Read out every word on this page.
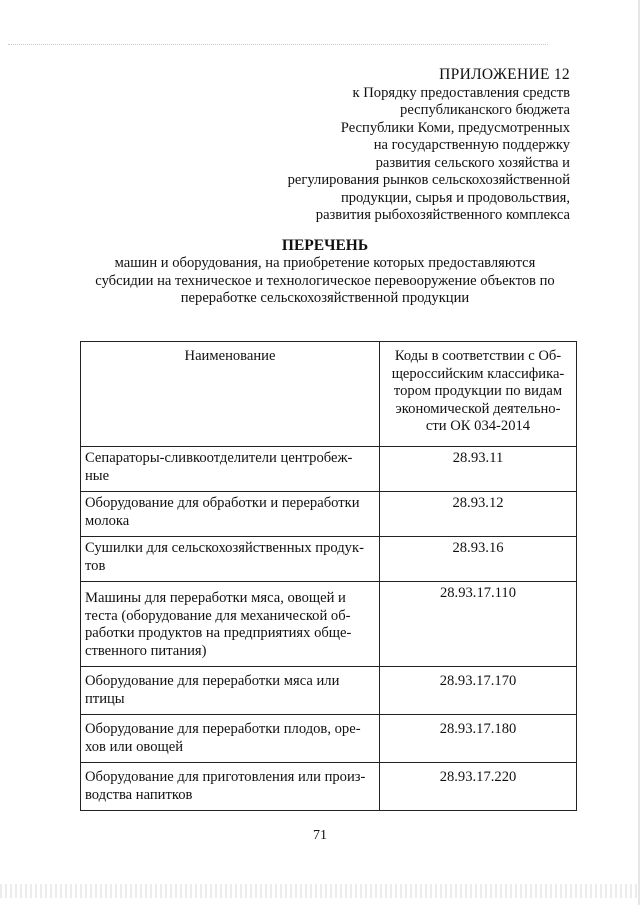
ПРИЛОЖЕНИЕ 12
к Порядку предоставления средств
республиканского бюджета
Республики Коми, предусмотренных
на государственную поддержку
развития сельского хозяйства и
регулирования рынков сельскохозяйственной
продукции, сырья и продовольствия,
развития рыбохозяйственного комплекса
ПЕРЕЧЕНЬ
машин и оборудования, на приобретение которых предоставляются
субсидии на техническое и технологическое перевооружение объектов по
переработке сельскохозяйственной продукции
Наименование	Коды в соответствии с Об-
щероссийским классифика-
тором продукции по видам
экономической деятельно-
сти ОК 034-2014

Сепараторы-сливкоотделители центробеж-
ные	28.93.11

Оборудование для обработки и переработки
молока	28.93.12

Сушилки для сельскохозяйственных продук-
тов	28.93.16

Машины для переработки мяса, овощей и
теста (оборудование для механической об-
работки продуктов на предприятиях обще-
ственного питания)	28.93.17.110

Оборудование для переработки мяса или
птицы	28.93.17.170

Оборудование для переработки плодов, оре-
хов или овощей	28.93.17.180

Оборудование для приготовления или произ-
водства напитков	28.93.17.220
71
